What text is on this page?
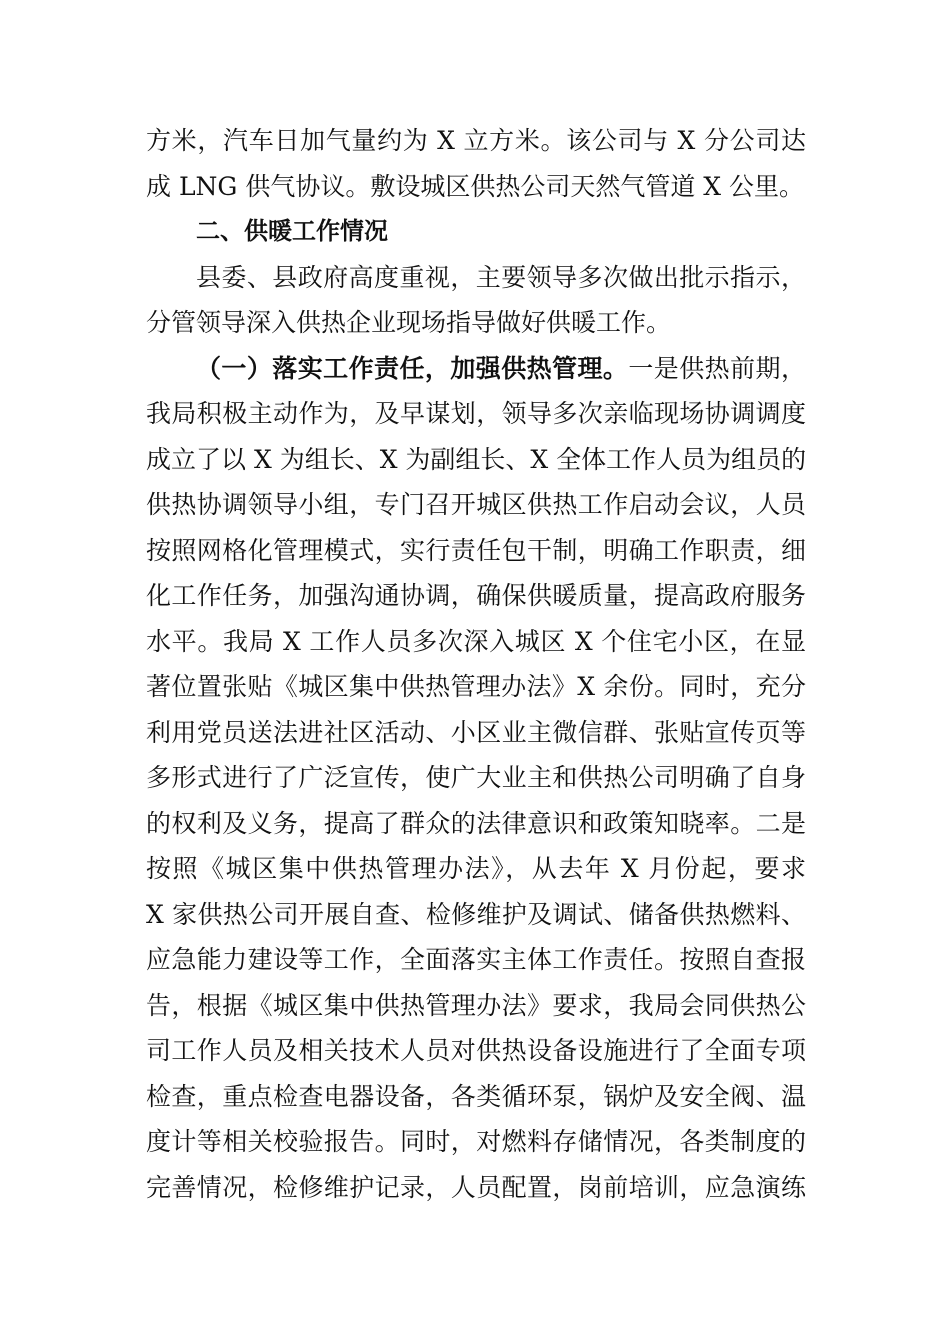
方米，汽车日加气量约为 X 立方米。该公司与 X 分公司达
成 LNG 供气协议。敷设城区供热公司天然气管道 X 公里。
二、供暖工作情况
县委、县政府高度重视，主要领导多次做出批示指示，
分管领导深入供热企业现场指导做好供暖工作。
（一）落实工作责任，加强供热管理。一是供热前期，
我局积极主动作为，及早谋划，领导多次亲临现场协调调度
成立了以 X 为组长、X 为副组长、X 全体工作人员为组员的
供热协调领导小组，专门召开城区供热工作启动会议，人员
按照网格化管理模式，实行责任包干制，明确工作职责，细
化工作任务，加强沟通协调，确保供暖质量，提高政府服务
水平。我局 X 工作人员多次深入城区 X 个住宅小区，在显
著位置张贴《城区集中供热管理办法》X 余份。同时，充分
利用党员送法进社区活动、小区业主微信群、张贴宣传页等
多形式进行了广泛宣传，使广大业主和供热公司明确了自身
的权利及义务，提高了群众的法律意识和政策知晓率。二是
按照《城区集中供热管理办法》，从去年 X 月份起，要求
X 家供热公司开展自查、检修维护及调试、储备供热燃料、
应急能力建设等工作，全面落实主体工作责任。按照自查报
告，根据《城区集中供热管理办法》要求，我局会同供热公
司工作人员及相关技术人员对供热设备设施进行了全面专项
检查，重点检查电器设备，各类循环泵，锅炉及安全阀、温
度计等相关校验报告。同时，对燃料存储情况，各类制度的
完善情况，检修维护记录，人员配置，岗前培训，应急演练
